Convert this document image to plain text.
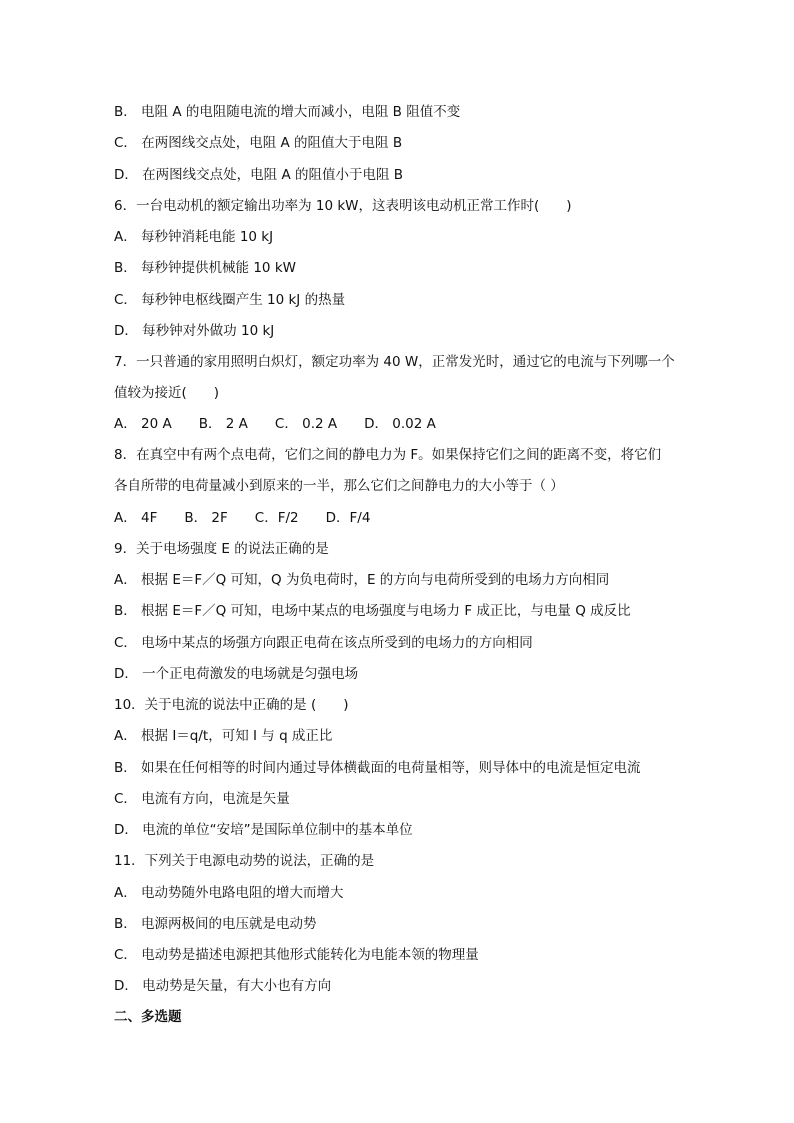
B． 电阻 A 的电阻随电流的增大而减小，电阻 B 阻值不变
C． 在两图线交点处，电阻 A 的阻值大于电阻 B
D． 在两图线交点处，电阻 A 的阻值小于电阻 B
6．一台电动机的额定输出功率为 10 kW，这表明该电动机正常工作时(　　)
A． 每秒钟消耗电能 10 kJ
B． 每秒钟提供机械能 10 kW
C． 每秒钟电枢线圈产生 10 kJ 的热量
D． 每秒钟对外做功 10 kJ
7．一只普通的家用照明白炽灯，额定功率为 40 W，正常发光时，通过它的电流与下列哪一个
值较为接近(　　)
A． 20 A　　B． 2 A　　C． 0.2 A　　D． 0.02 A
8．在真空中有两个点电荷，它们之间的静电力为 F。如果保持它们之间的距离不变，将它们
各自所带的电荷量减小到原来的一半，那么它们之间静电力的大小等于（ ）
A． 4F　　B． 2F　　C．F/2　　D．F/4
9．关于电场强度 E 的说法正确的是
A． 根据 E＝F／Q 可知，Q 为负电荷时，E 的方向与电荷所受到的电场力方向相同
B． 根据 E＝F／Q 可知，电场中某点的电场强度与电场力 F 成正比，与电量 Q 成反比
C． 电场中某点的场强方向跟正电荷在该点所受到的电场力的方向相同
D． 一个正电荷激发的电场就是匀强电场
10．关于电流的说法中正确的是 (　　)
A． 根据 I＝q/t，可知 I 与 q 成正比
B． 如果在任何相等的时间内通过导体横截面的电荷量相等，则导体中的电流是恒定电流
C． 电流有方向，电流是矢量
D． 电流的单位“安培”是国际单位制中的基本单位
11．下列关于电源电动势的说法，正确的是
A． 电动势随外电路电阻的增大而增大
B． 电源两极间的电压就是电动势
C． 电动势是描述电源把其他形式能转化为电能本领的物理量
D． 电动势是矢量，有大小也有方向
二、多选题
